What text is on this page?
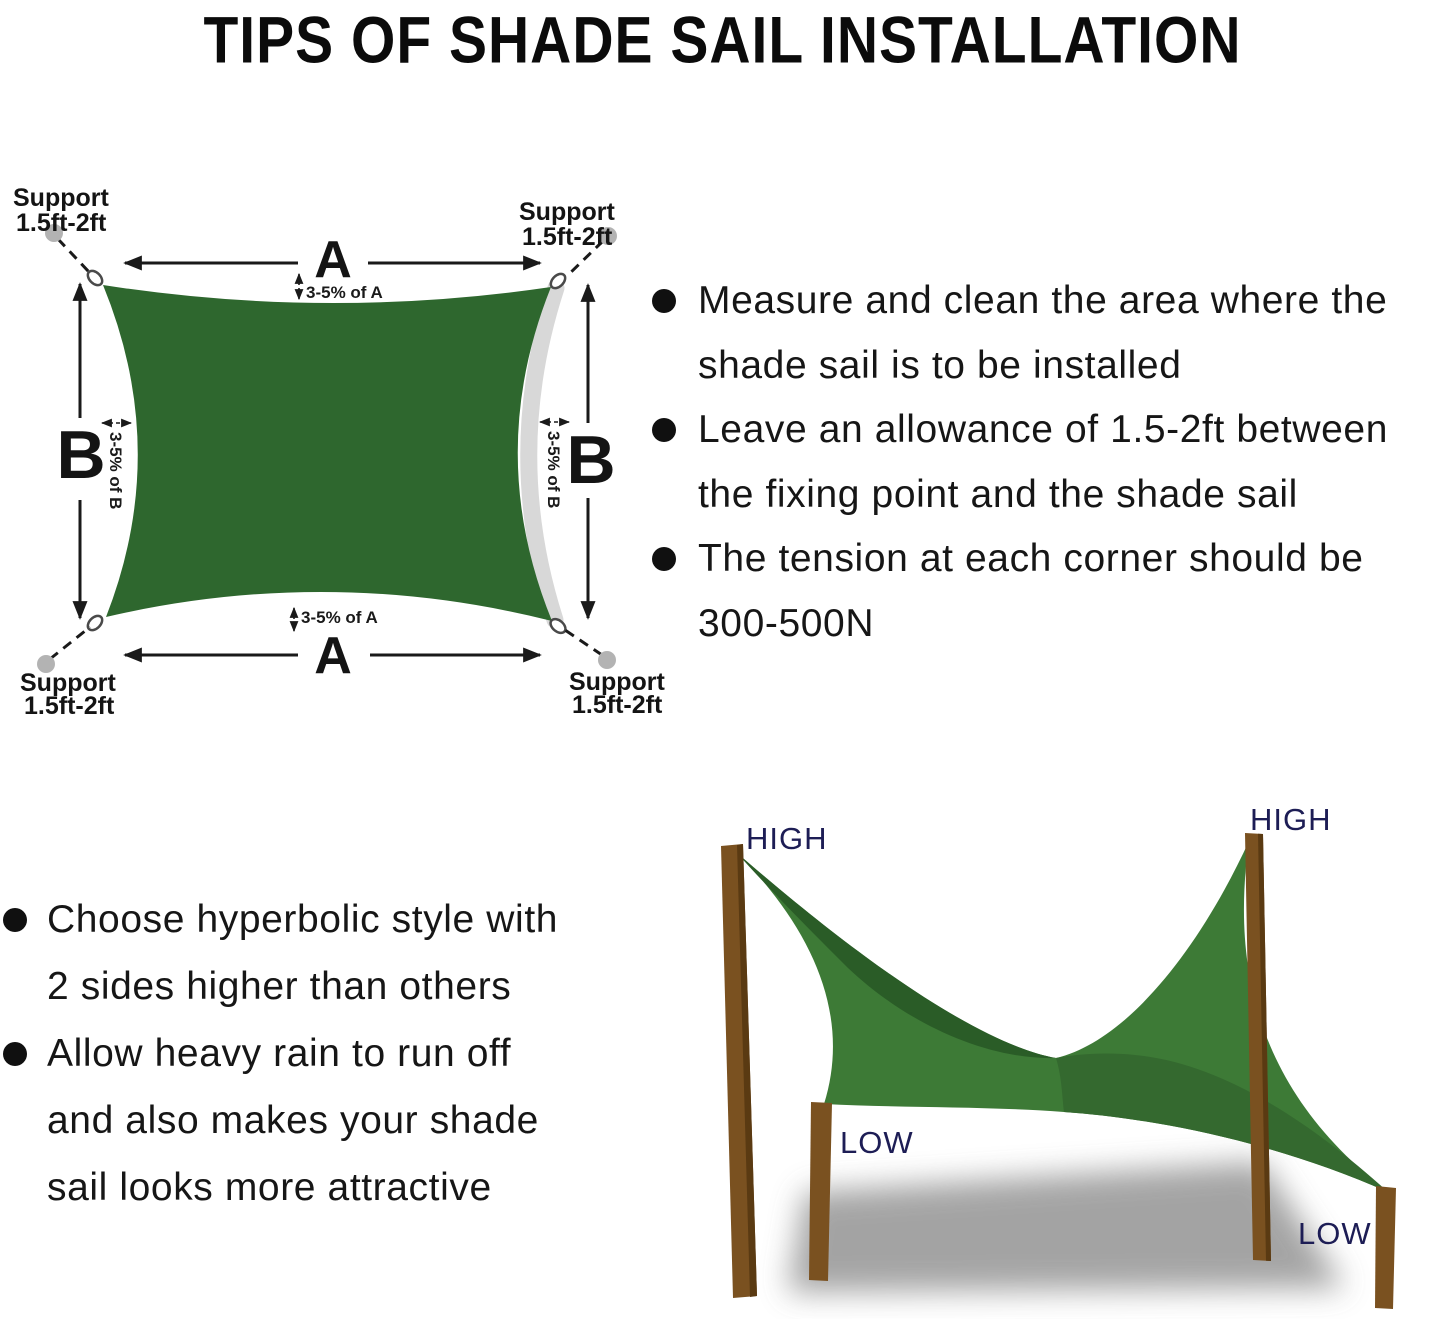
TIPS OF SHADE SAIL INSTALLATION
Support
1.5ft-2ft	Support
1.5ft-2ft
Support
1.5ft-2ft
Support
1.5ft-2ft
A
A
B	B
3-5% of A
3-5% of A
3-5% of B	3-5% of B
Measure and clean the area where the
shade sail is to be installed
Leave an allowance of 1.5-2ft between
the fixing point and the shade sail
The tension at each corner should be
300-500N
Choose hyperbolic style with
2 sides higher than others
Allow heavy rain to run off
and also makes your shade
sail looks more attractive
HIGH
HIGH
LOW
LOW
